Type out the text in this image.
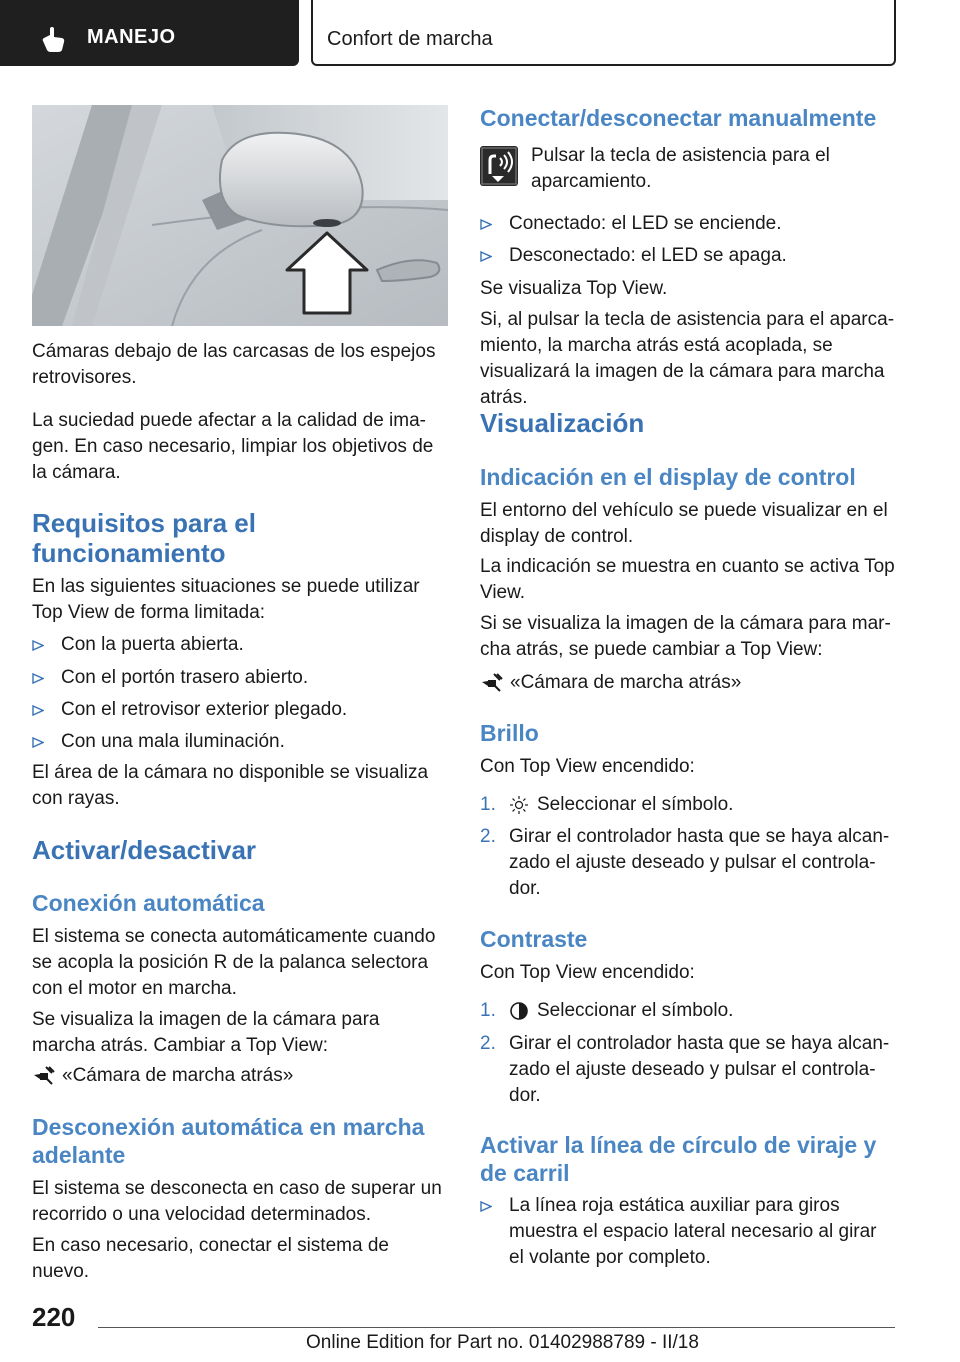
MANEJO	Confort de marcha
Cámaras debajo de las carcasas de los espejos retrovisores.
La suciedad puede afectar a la calidad de imagen. En caso necesario, limpiar los objetivos de la cámara.
Requisitos para el
funcionamiento
En las siguientes situaciones se puede utilizar Top View de forma limitada:
Con la puerta abierta.
Con el portón trasero abierto.
Con el retrovisor exterior plegado.
Con una mala iluminación.
El área de la cámara no disponible se visualiza con rayas.
Activar/desactivar
Conexión automática
El sistema se conecta automáticamente cuando se acopla la posición R de la palanca selectora con el motor en marcha.
Se visualiza la imagen de la cámara para marcha atrás. Cambiar a Top View:
«Cámara de marcha atrás»
Desconexión automática en marcha
adelante
El sistema se desconecta en caso de superar un recorrido o una velocidad determinados.
En caso necesario, conectar el sistema de nuevo.
Conectar/desconectar manualmente
Pulsar la tecla de asistencia para el aparcamiento.
Conectado: el LED se enciende.
Desconectado: el LED se apaga.
Se visualiza Top View.
Si, al pulsar la tecla de asistencia para el aparcamiento, la marcha atrás está acoplada, se visualizará la imagen de la cámara para marcha atrás.
Visualización
Indicación en el display de control
El entorno del vehículo se puede visualizar en el display de control.
La indicación se muestra en cuanto se activa Top View.
Si se visualiza la imagen de la cámara para marcha atrás, se puede cambiar a Top View:
«Cámara de marcha atrás»
Brillo
Con Top View encendido:
1.	Seleccionar el símbolo.
2. Girar el controlador hasta que se haya alcanzado el ajuste deseado y pulsar el controlador.
Contraste
Con Top View encendido:
1.	Seleccionar el símbolo.
2. Girar el controlador hasta que se haya alcanzado el ajuste deseado y pulsar el controlador.
Activar la línea de círculo de viraje y
de carril
La línea roja estática auxiliar para giros muestra el espacio lateral necesario al girar el volante por completo.
220
Online Edition for Part no. 01402988789 - II/18
